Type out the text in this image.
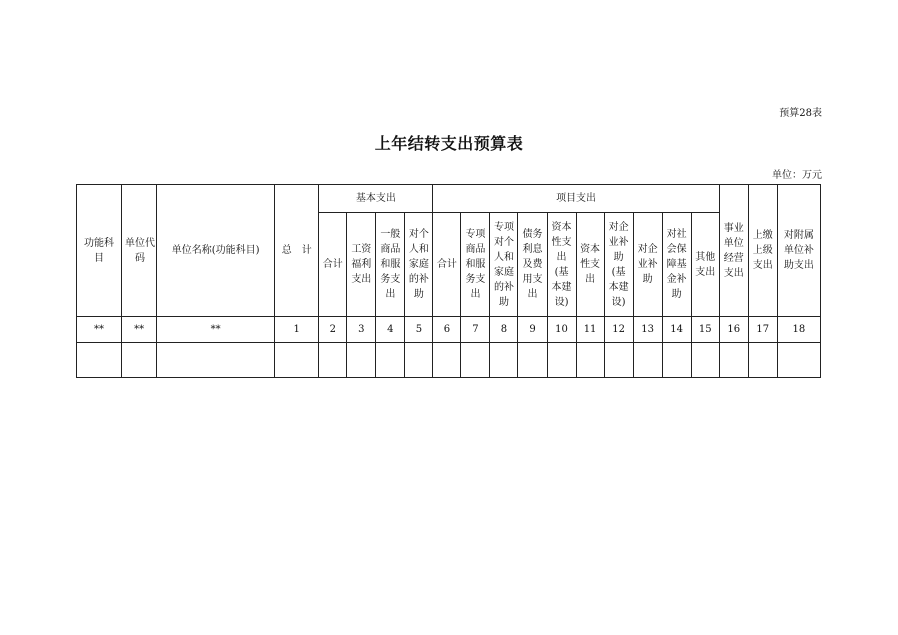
预算28表
上年结转支出预算表
单位：万元
功能科目	单位代码	单位名称(功能科目)	总　计	基本支出				项目支出										事业单位经营支出	上缴上级支出	对附属单位补助支出
				合计	工资福利支出	一般商品和服务支出	对个人和家庭的补助	合计	专项商品和服务支出	专项对个人和家庭的补助	债务利息及费用支出	资本性支出(基本建设)	资本性支出	对企业补助(基本建设)	对企业补助	对社会保障基金补助	其他支出			
**	**	**	1	2	3	4	5	6	7	8	9	10	11	12	13	14	15	16	17	18
